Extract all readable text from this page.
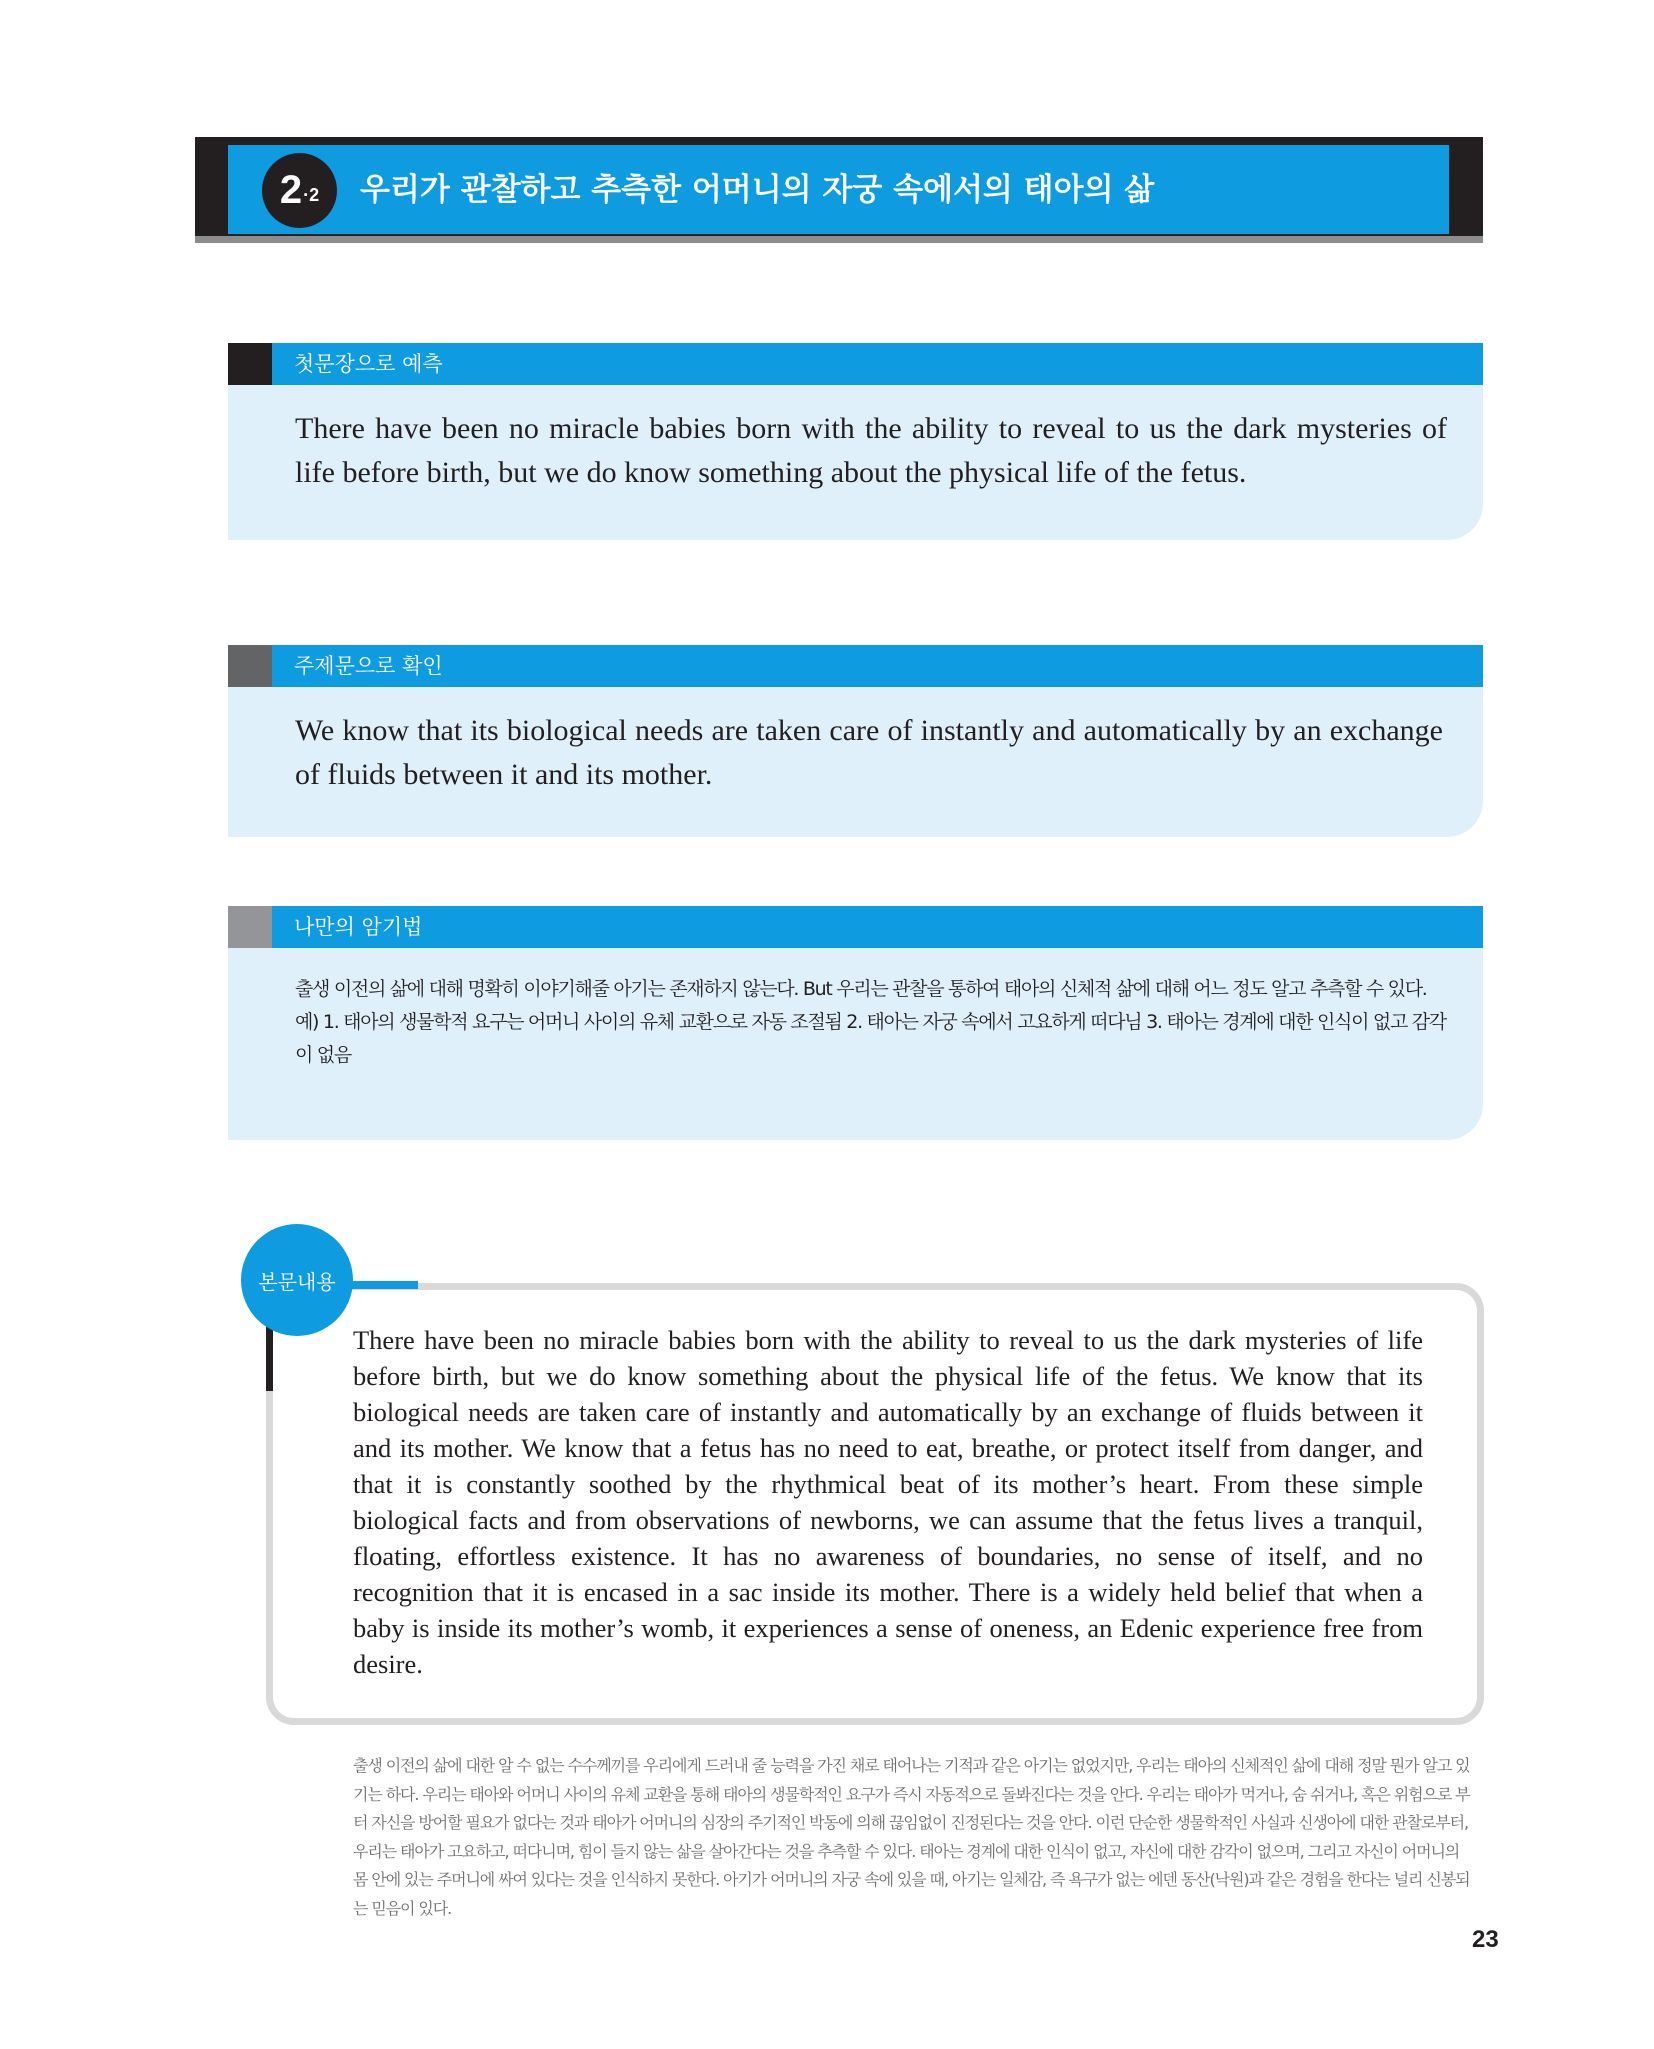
2 ·2 우리가 관찰하고 추측한 어머니의 자궁 속에서의 태아의 삶
첫문장으로 예측

There have been no miracle babies born with the ability to reveal to us the dark mysteries of life before birth, but we do know something about the physical life of the fetus.

주제문으로 확인

We know that its biological needs are taken care of instantly and automatically by an exchange of fluids between it and its mother.

나만의 암기법

출생 이전의 삶에 대해 명확히 이야기해줄 아기는 존재하지 않는다. But 우리는 관찰을 통하여 태아의 신체적 삶에 대해 어느 정도 알고 추측할 수 있다.

예) 1. 태아의 생물학적 요구는 어머니 사이의 유체 교환으로 자동 조절됨 2. 태아는 자궁 속에서 고요하게 떠다님 3. 태아는 경계에 대한 인식이 없고 감각이 없음

본문내용

There have been no miracle babies born with the ability to reveal to us the dark mysteries of life before birth, but we do know something about the physical life of the fetus. We know that its biological needs are taken care of instantly and automatically by an exchange of fluids between it and its mother. We know that a fetus has no need to eat, breathe, or protect itself from danger, and that it is constantly soothed by the rhythmical beat of its mother’s heart. From these simple biological facts and from observations of newborns, we can assume that the fetus lives a tranquil, floating, effortless existence. It has no awareness of boundaries, no sense of itself, and no recognition that it is encased in a sac inside its mother. There is a widely held belief that when a baby is inside its mother’s womb, it experiences a sense of oneness, an Edenic experience free from desire.

출생 이전의 삶에 대한 알 수 없는 수수께끼를 우리에게 드러내 줄 능력을 가진 채로 태어나는 기적과 같은 아기는 없었지만, 우리는 태아의 신체적인 삶에 대해 정말 뭔가 알고 있기는 하다. 우리는 태아와 어머니 사이의 유체 교환을 통해 태아의 생물학적인 요구가 즉시 자동적으로 돌봐진다는 것을 안다. 우리는 태아가 먹거나, 숨 쉬거나, 혹은 위험으로 부터 자신을 방어할 필요가 없다는 것과 태아가 어머니의 심장의 주기적인 박동에 의해 끊임없이 진정된다는 것을 안다. 이런 단순한 생물학적인 사실과 신생아에 대한 관찰로부터, 우리는 태아가 고요하고, 떠다니며, 힘이 들지 않는 삶을 살아간다는 것을 추측할 수 있다. 태아는 경계에 대한 인식이 없고, 자신에 대한 감각이 없으며, 그리고 자신이 어머니의 몸 안에 있는 주머니에 싸여 있다는 것을 인식하지 못한다. 아기가 어머니의 자궁 속에 있을 때, 아기는 일체감, 즉 욕구가 없는 에덴 동산(낙원)과 같은 경험을 한다는 널리 신봉되는 믿음이 있다.

23
